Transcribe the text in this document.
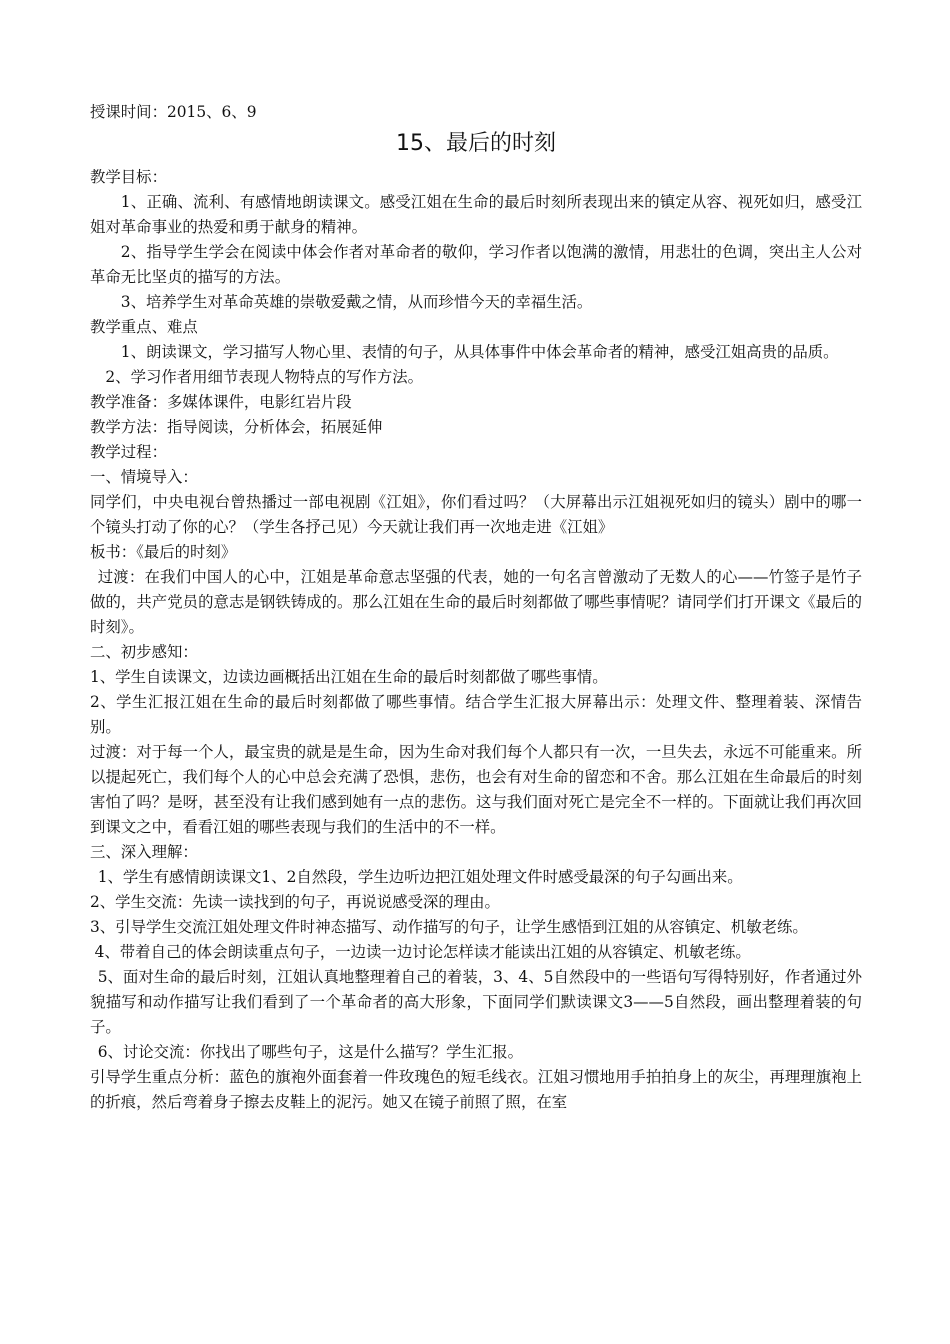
授课时间：2015、6、9

15、最后的时刻

教学目标：

1、正确、流利、有感情地朗读课文。感受江姐在生命的最后时刻所表现出来的镇定从容、视死如归，感受江姐对革命事业的热爱和勇于献身的精神。

2、指导学生学会在阅读中体会作者对革命者的敬仰，学习作者以饱满的激情，用悲壮的色调，突出主人公对革命无比坚贞的描写的方法。

3、培养学生对革命英雄的崇敬爱戴之情，从而珍惜今天的幸福生活。

教学重点、难点

1、朗读课文，学习描写人物心里、表情的句子，从具体事件中体会革命者的精神，感受江姐高贵的品质。

2、学习作者用细节表现人物特点的写作方法。

教学准备：多媒体课件，电影红岩片段

教学方法：指导阅读，分析体会，拓展延伸

教学过程：

一、情境导入：

同学们，中央电视台曾热播过一部电视剧《江姐》，你们看过吗？（大屏幕出示江姐视死如归的镜头）剧中的哪一个镜头打动了你的心？（学生各抒己见）今天就让我们再一次地走进《江姐》

板书：《最后的时刻》

过渡：在我们中国人的心中，江姐是革命意志坚强的代表，她的一句名言曾激动了无数人的心——竹签子是竹子做的，共产党员的意志是钢铁铸成的。那么江姐在生命的最后时刻都做了哪些事情呢？请同学们打开课文《最后的时刻》。

二、初步感知：

1、学生自读课文，边读边画概括出江姐在生命的最后时刻都做了哪些事情。

2、学生汇报江姐在生命的最后时刻都做了哪些事情。结合学生汇报大屏幕出示：处理文件、整理着装、深情告别。

过渡：对于每一个人，最宝贵的就是是生命，因为生命对我们每个人都只有一次，一旦失去，永远不可能重来。所以提起死亡，我们每个人的心中总会充满了恐惧，悲伤，也会有对生命的留恋和不舍。那么江姐在生命最后的时刻害怕了吗？是呀，甚至没有让我们感到她有一点的悲伤。这与我们面对死亡是完全不一样的。下面就让我们再次回到课文之中，看看江姐的哪些表现与我们的生活中的不一样。

三、深入理解：

1、学生有感情朗读课文1、2自然段，学生边听边把江姐处理文件时感受最深的句子勾画出来。

2、学生交流：先读一读找到的句子，再说说感受深的理由。

3、引导学生交流江姐处理文件时神态描写、动作描写的句子，让学生感悟到江姐的从容镇定、机敏老练。

4、带着自己的体会朗读重点句子，一边读一边讨论怎样读才能读出江姐的从容镇定、机敏老练。

5、面对生命的最后时刻，江姐认真地整理着自己的着装，3、4、5自然段中的一些语句写得特别好，作者通过外貌描写和动作描写让我们看到了一个革命者的高大形象，下面同学们默读课文3——5自然段，画出整理着装的句子。

6、讨论交流：你找出了哪些句子，这是什么描写？学生汇报。

引导学生重点分析：蓝色的旗袍外面套着一件玫瑰色的短毛线衣。江姐习惯地用手拍拍身上的灰尘，再理理旗袍上的折痕，然后弯着身子擦去皮鞋上的泥污。她又在镜子前照了照，在室
